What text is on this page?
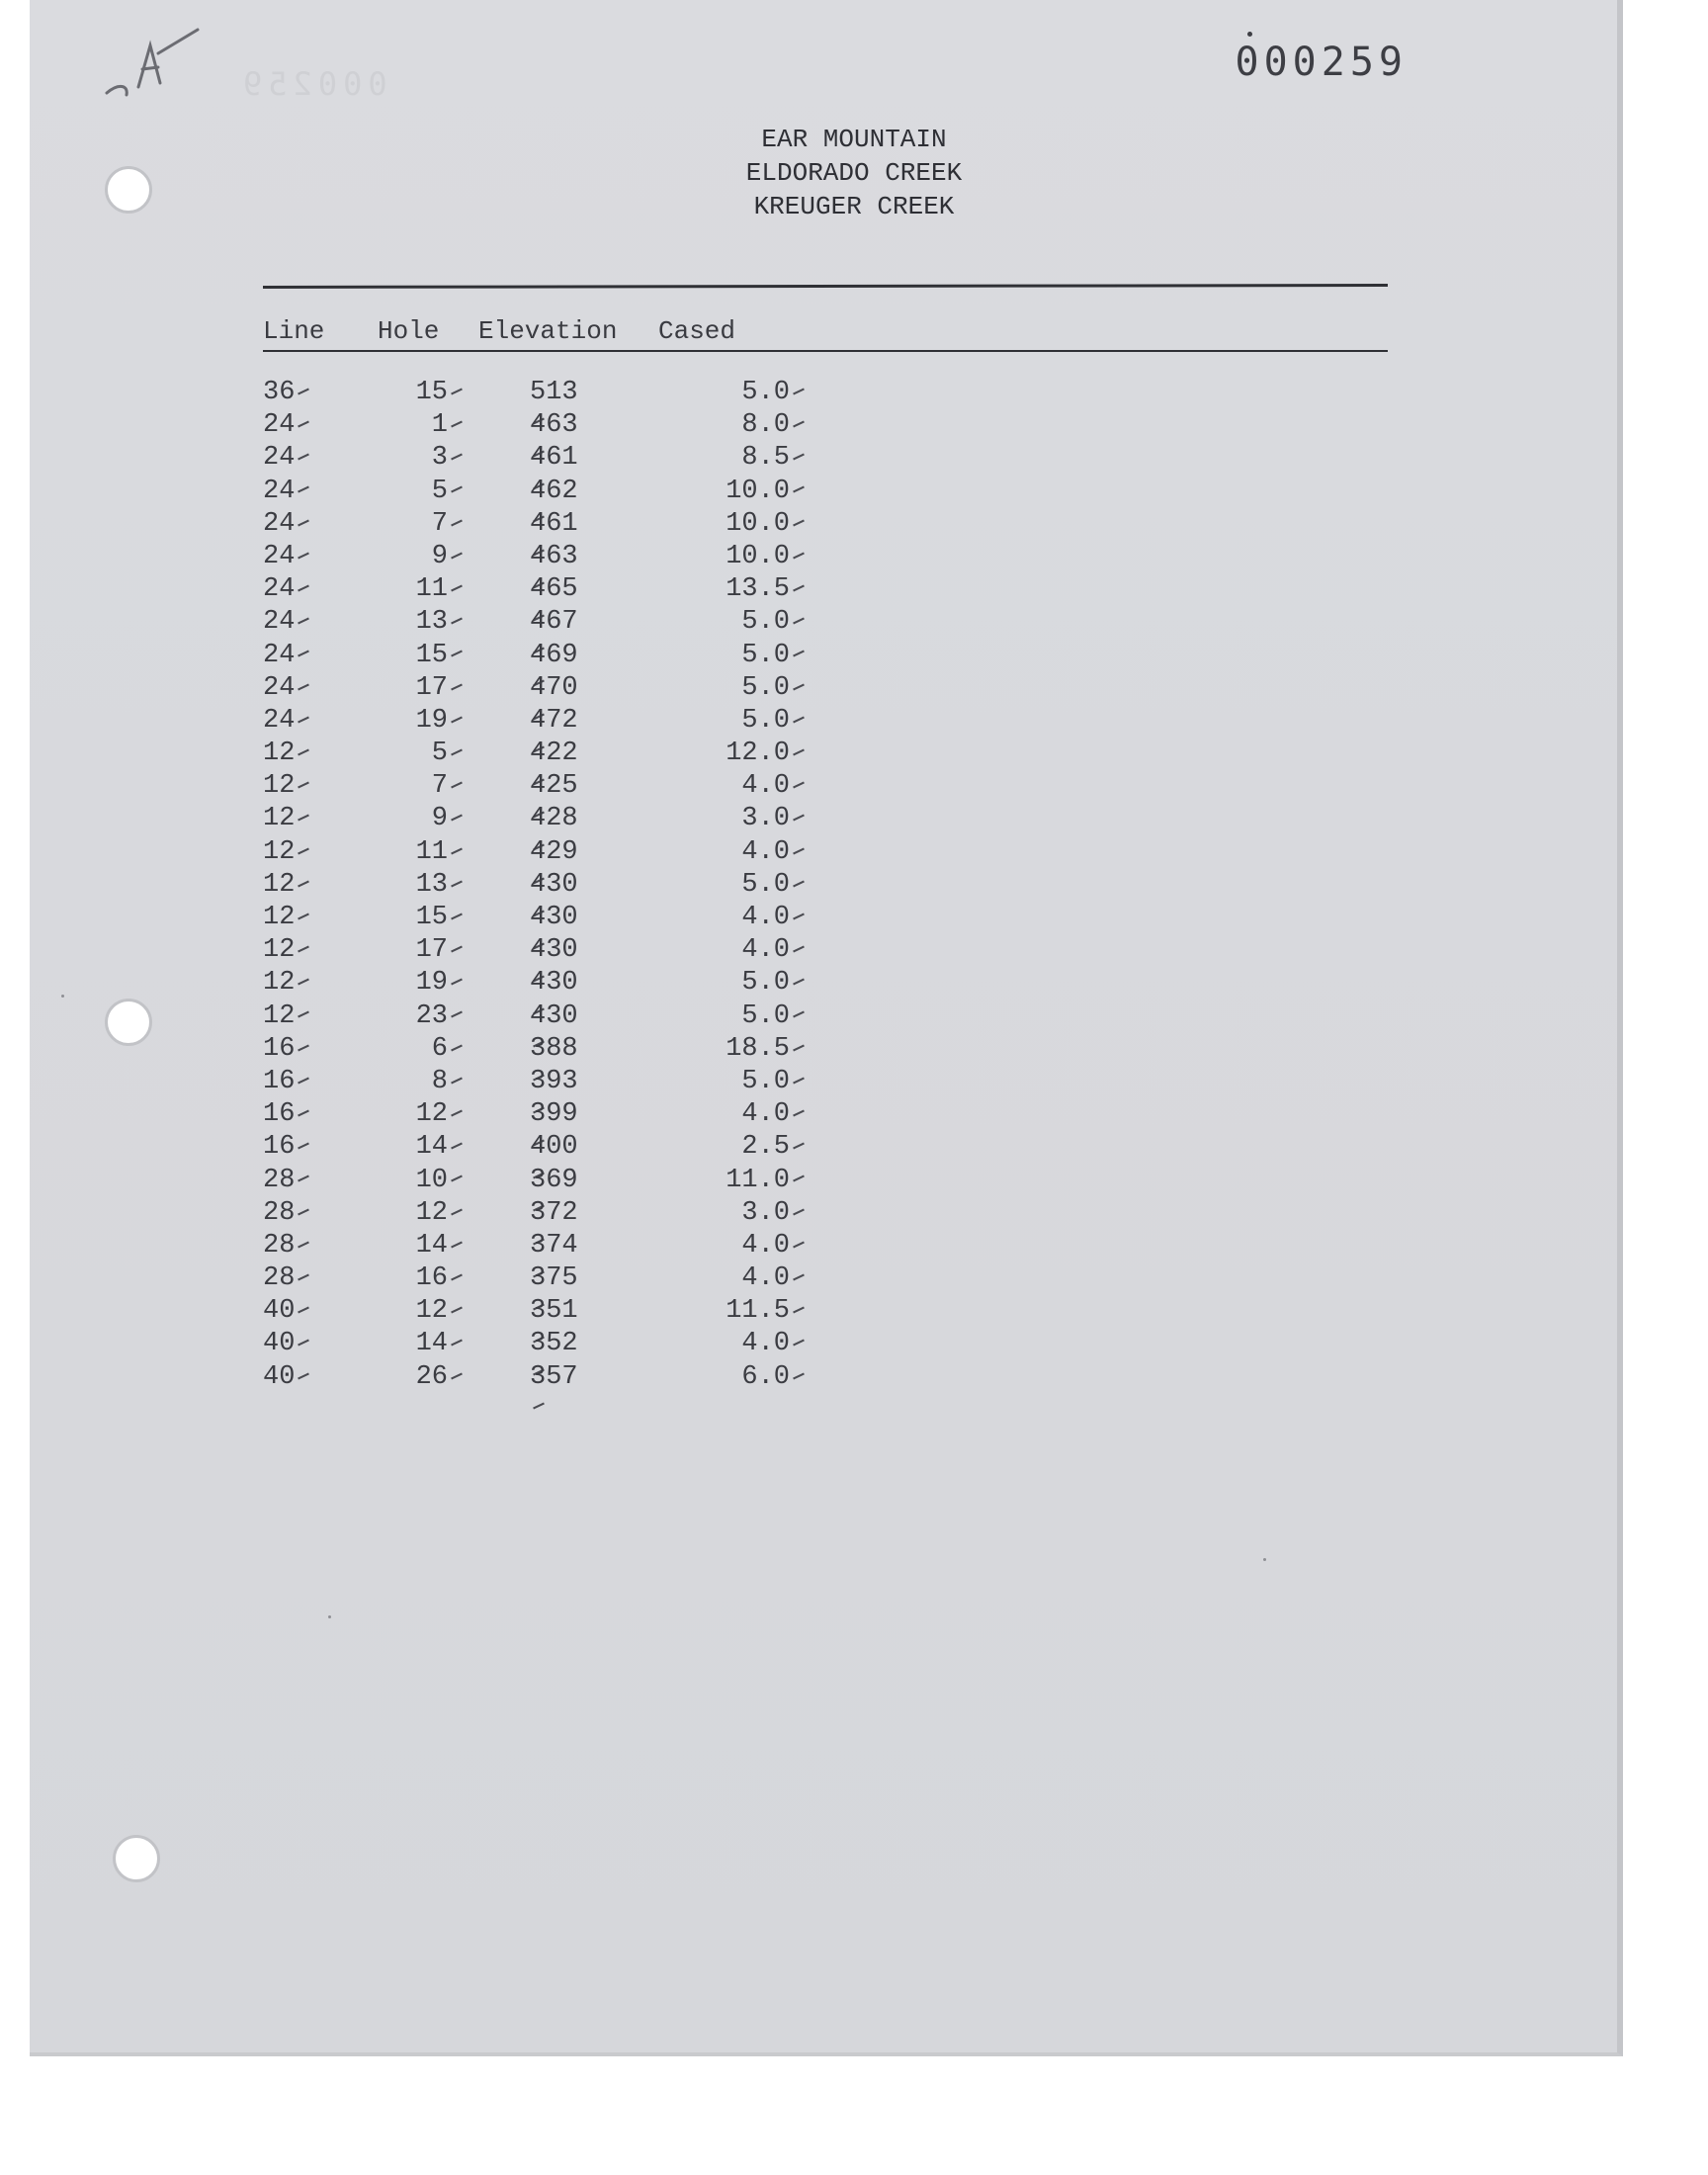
000259	000259
EAR MOUNTAIN
ELDORADO CREEK
KREUGER CREEK
Line Hole Elevation Cased
36	15	513	5.0
24	1	463	8.0
24	3	461	8.5
24	5	462	10.0
24	7	461	10.0
24	9	463	10.0
24	11	465	13.5
24	13	467	5.0
24	15	469	5.0
24	17	470	5.0
24	19	472	5.0
12	5	422	12.0
12	7	425	4.0
12	9	428	3.0
12	11	429	4.0
12	13	430	5.0
12	15	430	4.0
12	17	430	4.0
12	19	430	5.0
12	23	430	5.0
16	6	388	18.5
16	8	393	5.0
16	12	399	4.0
16	14	400	2.5
28	10	369	11.0
28	12	372	3.0
28	14	374	4.0
28	16	375	4.0
40	12	351	11.5
40	14	352	4.0
40	26	357	6.0
